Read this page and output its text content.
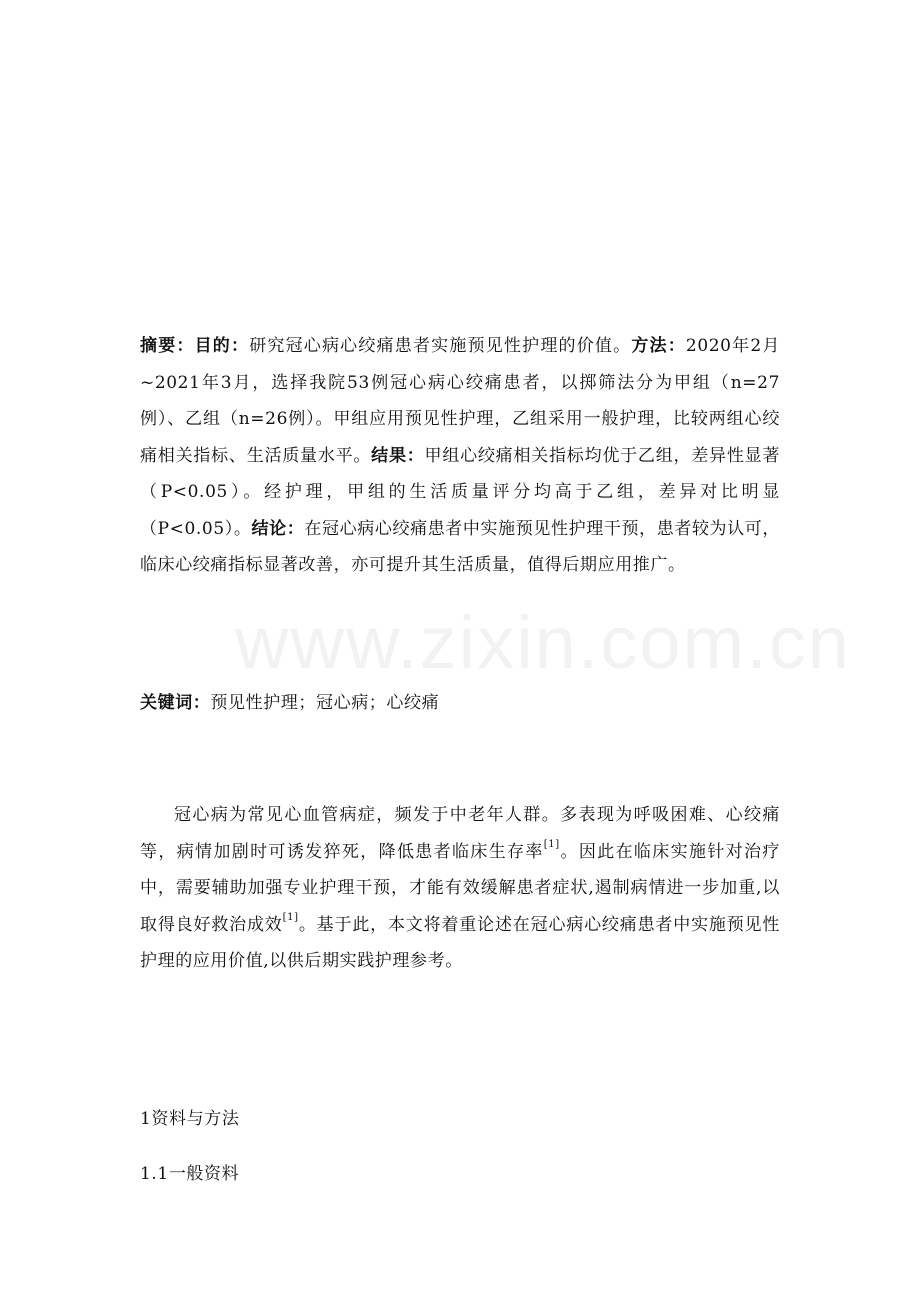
www.zixin.com.cn
摘要：目的：研究冠心病心绞痛患者实施预见性护理的价值。方法：2020年2月~2021年3月，选择我院53例冠心病心绞痛患者，以掷筛法分为甲组（n=27例）、乙组（n=26例）。甲组应用预见性护理，乙组采用一般护理，比较两组心绞痛相关指标、生活质量水平。结果：甲组心绞痛相关指标均优于乙组，差异性显著（P<0.05）。经护理，甲组的生活质量评分均高于乙组，差异对比明显（P<0.05）。结论：在冠心病心绞痛患者中实施预见性护理干预，患者较为认可，临床心绞痛指标显著改善，亦可提升其生活质量，值得后期应用推广。
关键词：预见性护理；冠心病；心绞痛
冠心病为常见心血管病症，频发于中老年人群。多表现为呼吸困难、心绞痛等，病情加剧时可诱发猝死，降低患者临床生存率[1]。因此在临床实施针对治疗中，需要辅助加强专业护理干预，才能有效缓解患者症状,遏制病情进一步加重,以取得良好救治成效[1]。基于此，本文将着重论述在冠心病心绞痛患者中实施预见性护理的应用价值,以供后期实践护理参考。
1资料与方法
1.1一般资料
